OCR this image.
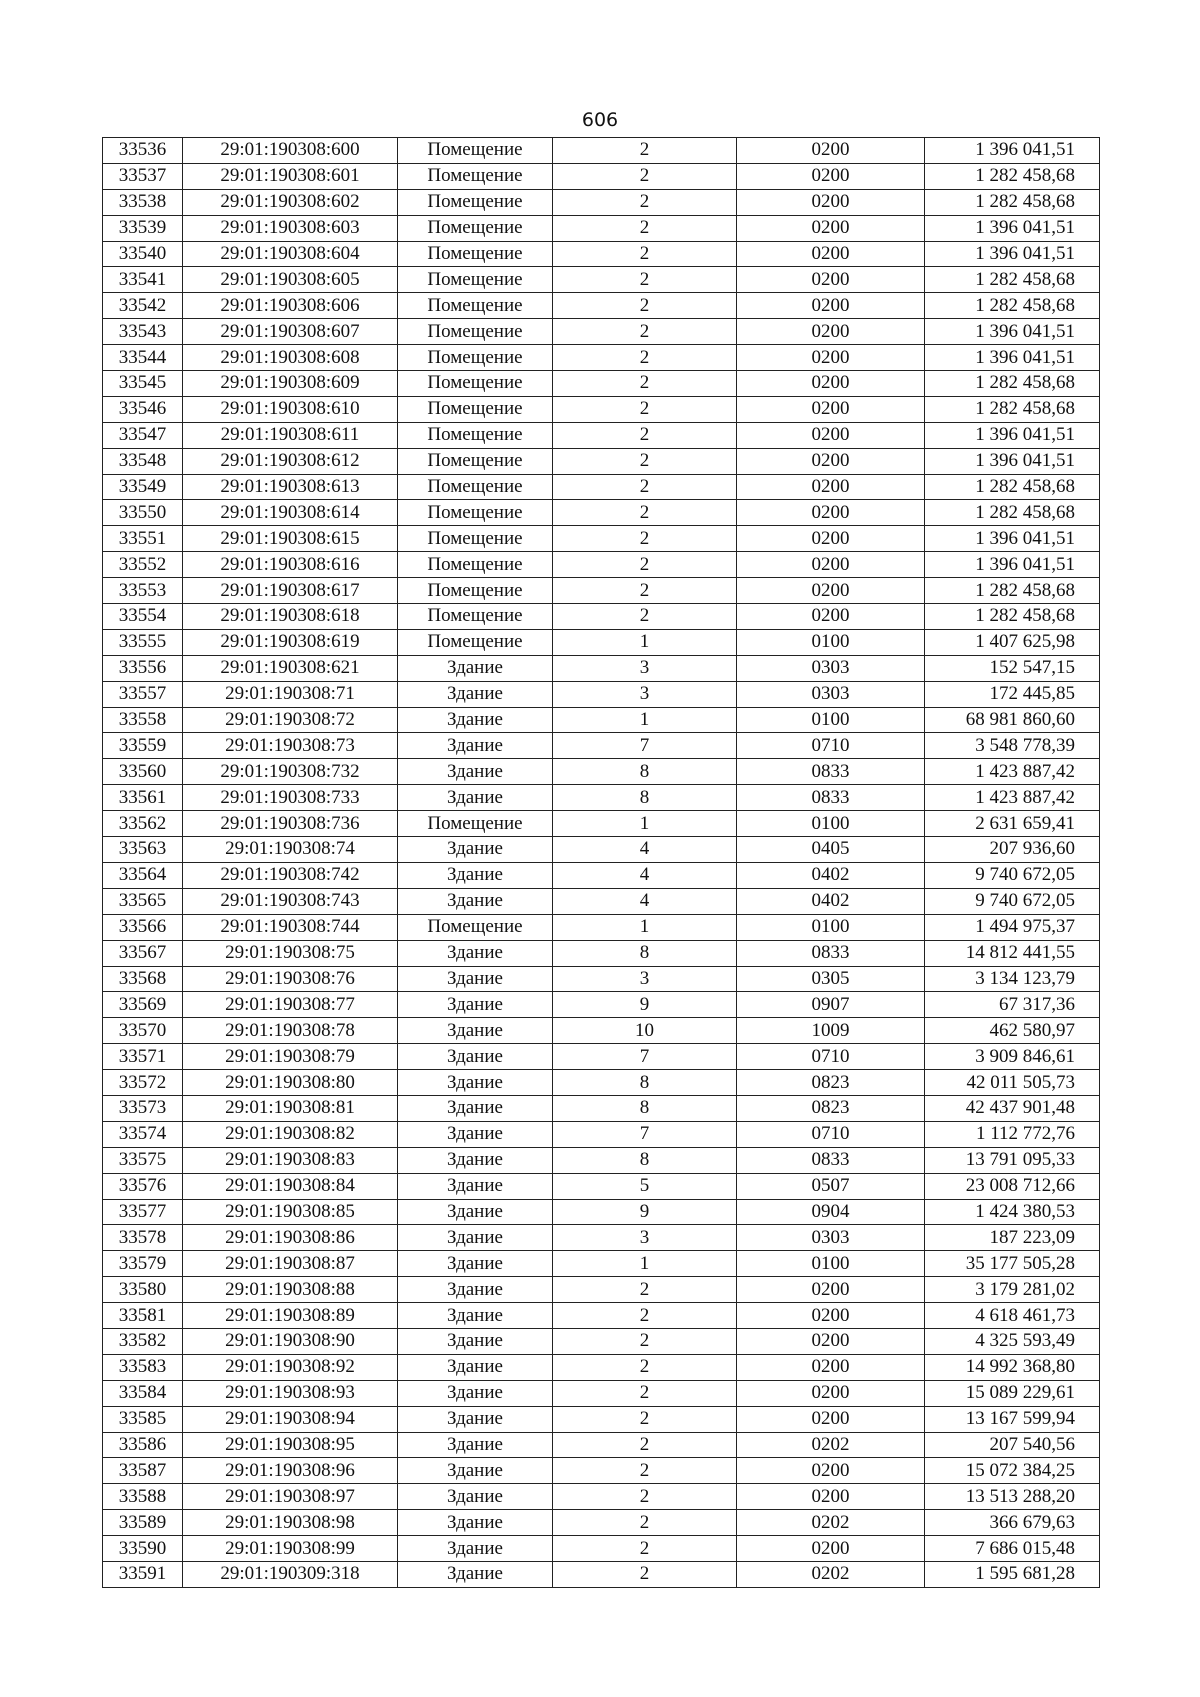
606
33536	29:01:190308:600	Помещение	2	0200	1 396 041,51
33537	29:01:190308:601	Помещение	2	0200	1 282 458,68
33538	29:01:190308:602	Помещение	2	0200	1 282 458,68
33539	29:01:190308:603	Помещение	2	0200	1 396 041,51
33540	29:01:190308:604	Помещение	2	0200	1 396 041,51
33541	29:01:190308:605	Помещение	2	0200	1 282 458,68
33542	29:01:190308:606	Помещение	2	0200	1 282 458,68
33543	29:01:190308:607	Помещение	2	0200	1 396 041,51
33544	29:01:190308:608	Помещение	2	0200	1 396 041,51
33545	29:01:190308:609	Помещение	2	0200	1 282 458,68
33546	29:01:190308:610	Помещение	2	0200	1 282 458,68
33547	29:01:190308:611	Помещение	2	0200	1 396 041,51
33548	29:01:190308:612	Помещение	2	0200	1 396 041,51
33549	29:01:190308:613	Помещение	2	0200	1 282 458,68
33550	29:01:190308:614	Помещение	2	0200	1 282 458,68
33551	29:01:190308:615	Помещение	2	0200	1 396 041,51
33552	29:01:190308:616	Помещение	2	0200	1 396 041,51
33553	29:01:190308:617	Помещение	2	0200	1 282 458,68
33554	29:01:190308:618	Помещение	2	0200	1 282 458,68
33555	29:01:190308:619	Помещение	1	0100	1 407 625,98
33556	29:01:190308:621	Здание	3	0303	152 547,15
33557	29:01:190308:71	Здание	3	0303	172 445,85
33558	29:01:190308:72	Здание	1	0100	68 981 860,60
33559	29:01:190308:73	Здание	7	0710	3 548 778,39
33560	29:01:190308:732	Здание	8	0833	1 423 887,42
33561	29:01:190308:733	Здание	8	0833	1 423 887,42
33562	29:01:190308:736	Помещение	1	0100	2 631 659,41
33563	29:01:190308:74	Здание	4	0405	207 936,60
33564	29:01:190308:742	Здание	4	0402	9 740 672,05
33565	29:01:190308:743	Здание	4	0402	9 740 672,05
33566	29:01:190308:744	Помещение	1	0100	1 494 975,37
33567	29:01:190308:75	Здание	8	0833	14 812 441,55
33568	29:01:190308:76	Здание	3	0305	3 134 123,79
33569	29:01:190308:77	Здание	9	0907	67 317,36
33570	29:01:190308:78	Здание	10	1009	462 580,97
33571	29:01:190308:79	Здание	7	0710	3 909 846,61
33572	29:01:190308:80	Здание	8	0823	42 011 505,73
33573	29:01:190308:81	Здание	8	0823	42 437 901,48
33574	29:01:190308:82	Здание	7	0710	1 112 772,76
33575	29:01:190308:83	Здание	8	0833	13 791 095,33
33576	29:01:190308:84	Здание	5	0507	23 008 712,66
33577	29:01:190308:85	Здание	9	0904	1 424 380,53
33578	29:01:190308:86	Здание	3	0303	187 223,09
33579	29:01:190308:87	Здание	1	0100	35 177 505,28
33580	29:01:190308:88	Здание	2	0200	3 179 281,02
33581	29:01:190308:89	Здание	2	0200	4 618 461,73
33582	29:01:190308:90	Здание	2	0200	4 325 593,49
33583	29:01:190308:92	Здание	2	0200	14 992 368,80
33584	29:01:190308:93	Здание	2	0200	15 089 229,61
33585	29:01:190308:94	Здание	2	0200	13 167 599,94
33586	29:01:190308:95	Здание	2	0202	207 540,56
33587	29:01:190308:96	Здание	2	0200	15 072 384,25
33588	29:01:190308:97	Здание	2	0200	13 513 288,20
33589	29:01:190308:98	Здание	2	0202	366 679,63
33590	29:01:190308:99	Здание	2	0200	7 686 015,48
33591	29:01:190309:318	Здание	2	0202	1 595 681,28
